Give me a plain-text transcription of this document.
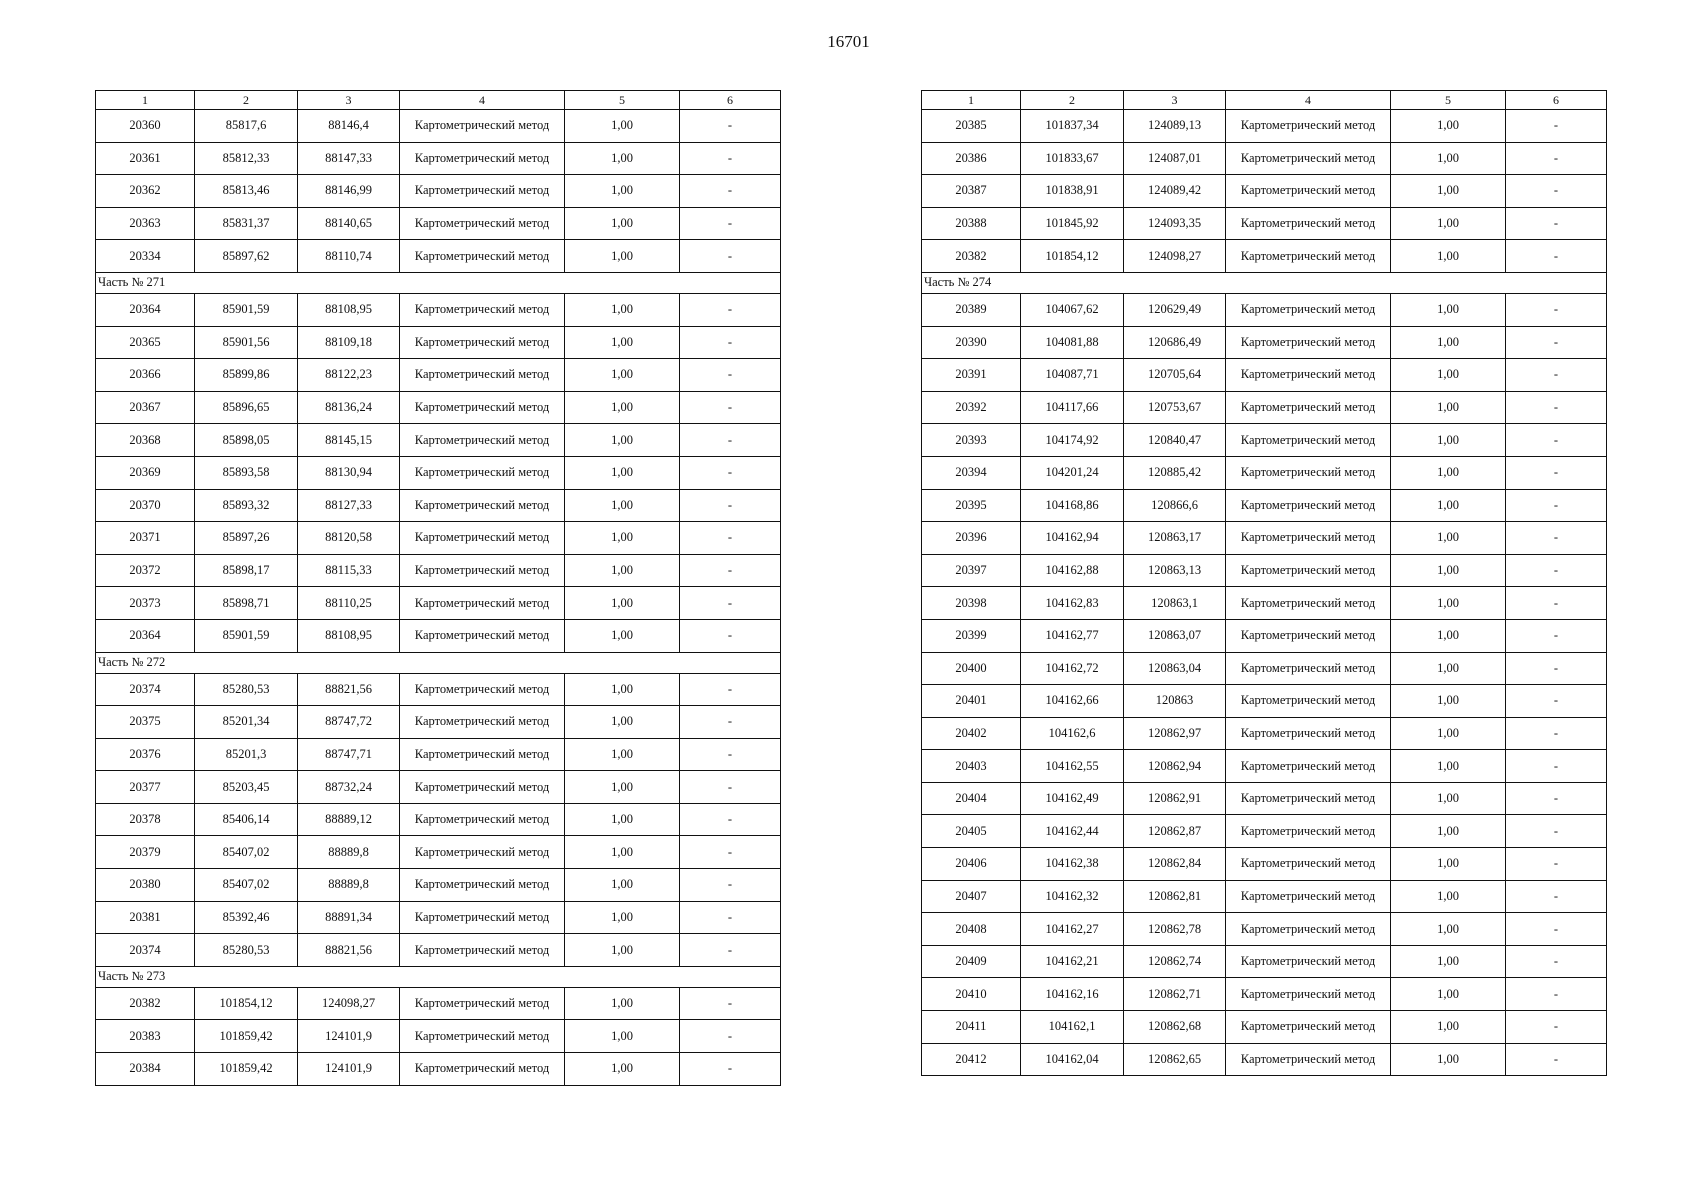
16701
1	2	3	4	5	6
20360	85817,6	88146,4	Картометрический метод	1,00	-
20361	85812,33	88147,33	Картометрический метод	1,00	-
20362	85813,46	88146,99	Картометрический метод	1,00	-
20363	85831,37	88140,65	Картометрический метод	1,00	-
20334	85897,62	88110,74	Картометрический метод	1,00	-
Часть № 271					
20364	85901,59	88108,95	Картометрический метод	1,00	-
20365	85901,56	88109,18	Картометрический метод	1,00	-
20366	85899,86	88122,23	Картометрический метод	1,00	-
20367	85896,65	88136,24	Картометрический метод	1,00	-
20368	85898,05	88145,15	Картометрический метод	1,00	-
20369	85893,58	88130,94	Картометрический метод	1,00	-
20370	85893,32	88127,33	Картометрический метод	1,00	-
20371	85897,26	88120,58	Картометрический метод	1,00	-
20372	85898,17	88115,33	Картометрический метод	1,00	-
20373	85898,71	88110,25	Картометрический метод	1,00	-
20364	85901,59	88108,95	Картометрический метод	1,00	-
Часть № 272					
20374	85280,53	88821,56	Картометрический метод	1,00	-
20375	85201,34	88747,72	Картометрический метод	1,00	-
20376	85201,3	88747,71	Картометрический метод	1,00	-
20377	85203,45	88732,24	Картометрический метод	1,00	-
20378	85406,14	88889,12	Картометрический метод	1,00	-
20379	85407,02	88889,8	Картометрический метод	1,00	-
20380	85407,02	88889,8	Картометрический метод	1,00	-
20381	85392,46	88891,34	Картометрический метод	1,00	-
20374	85280,53	88821,56	Картометрический метод	1,00	-
Часть № 273					
20382	101854,12	124098,27	Картометрический метод	1,00	-
20383	101859,42	124101,9	Картометрический метод	1,00	-
20384	101859,42	124101,9	Картометрический метод	1,00	-
1	2	3	4	5	6
20385	101837,34	124089,13	Картометрический метод	1,00	-
20386	101833,67	124087,01	Картометрический метод	1,00	-
20387	101838,91	124089,42	Картометрический метод	1,00	-
20388	101845,92	124093,35	Картометрический метод	1,00	-
20382	101854,12	124098,27	Картометрический метод	1,00	-
Часть № 274					
20389	104067,62	120629,49	Картометрический метод	1,00	-
20390	104081,88	120686,49	Картометрический метод	1,00	-
20391	104087,71	120705,64	Картометрический метод	1,00	-
20392	104117,66	120753,67	Картометрический метод	1,00	-
20393	104174,92	120840,47	Картометрический метод	1,00	-
20394	104201,24	120885,42	Картометрический метод	1,00	-
20395	104168,86	120866,6	Картометрический метод	1,00	-
20396	104162,94	120863,17	Картометрический метод	1,00	-
20397	104162,88	120863,13	Картометрический метод	1,00	-
20398	104162,83	120863,1	Картометрический метод	1,00	-
20399	104162,77	120863,07	Картометрический метод	1,00	-
20400	104162,72	120863,04	Картометрический метод	1,00	-
20401	104162,66	120863	Картометрический метод	1,00	-
20402	104162,6	120862,97	Картометрический метод	1,00	-
20403	104162,55	120862,94	Картометрический метод	1,00	-
20404	104162,49	120862,91	Картометрический метод	1,00	-
20405	104162,44	120862,87	Картометрический метод	1,00	-
20406	104162,38	120862,84	Картометрический метод	1,00	-
20407	104162,32	120862,81	Картометрический метод	1,00	-
20408	104162,27	120862,78	Картометрический метод	1,00	-
20409	104162,21	120862,74	Картометрический метод	1,00	-
20410	104162,16	120862,71	Картометрический метод	1,00	-
20411	104162,1	120862,68	Картометрический метод	1,00	-
20412	104162,04	120862,65	Картометрический метод	1,00	-
